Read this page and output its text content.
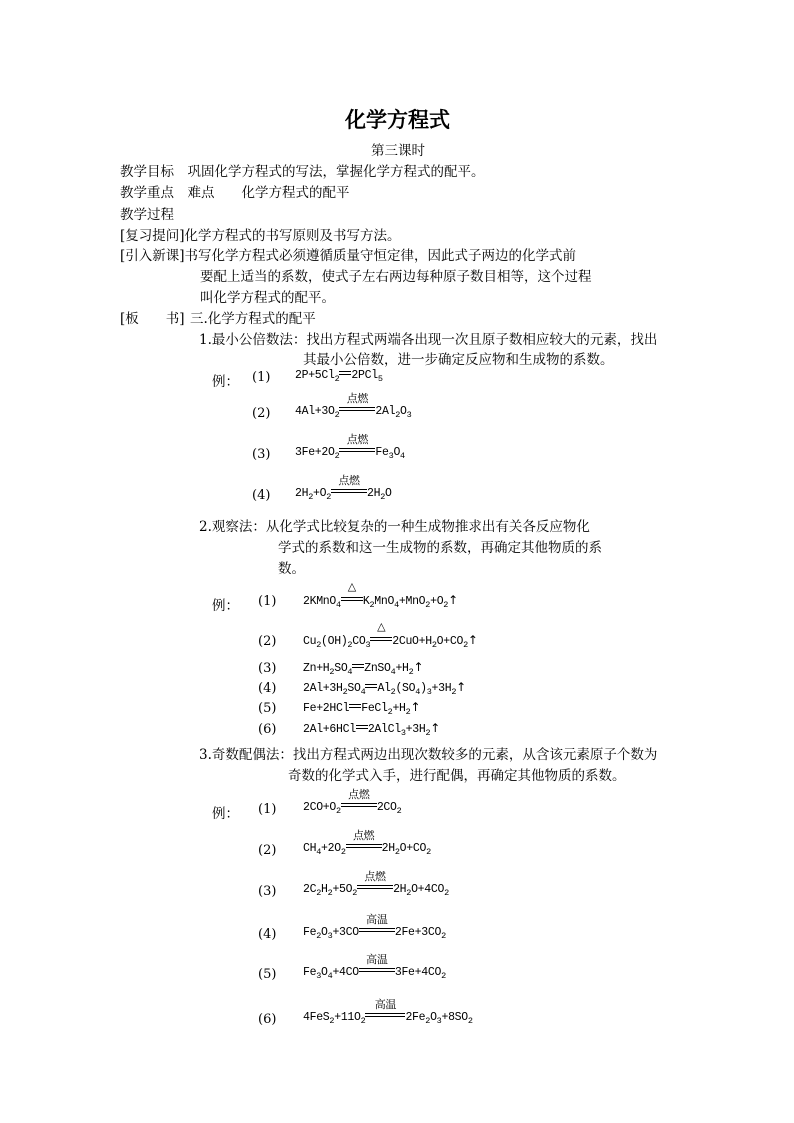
化学方程式
第三课时
教学目标　巩固化学方程式的写法，掌握化学方程式的配平。
教学重点　难点　　化学方程式的配平
教学过程
[复习提问]化学方程式的书写原则及书写方法。
[引入新课]书写化学方程式必须遵循质量守恒定律，因此式子两边的化学式前
要配上适当的系数，使式子左右两边每种原子数目相等，这个过程
叫化学方程式的配平。
[板　　书] 三.化学方程式的配平
1.最小公倍数法：找出方程式两端各出现一次且原子数相应较大的元素，找出
其最小公倍数，进一步确定反应物和生成物的系数。
例： (1) $2P+5Cl_2$ 2PCl$_5$
(2) $4Al+3O_2$
点燃
$2Al_2O_3$
(3) $3Fe+2O_2$
点燃
$Fe_3O_4$
(4) $2H_2+O_2$
点燃
$2H_2O$
2.观察法：从化学式比较复杂的一种生成物推求出有关各反应物化
学式的系数和这一生成物的系数，再确定其他物质的系
数。
例： (1) 2KMnO$_4$
△
$K_2MnO_4+MnO_2+O_2↑$
(2) $Cu_2(OH)_2CO_3$
△
$2CuO+H_2O+CO_2↑$
(3) $Zn+H_2SO_4$ $ZnSO_4+H_2↑$
(4) $2Al+3H_2SO_4$ $Al_2(SO_4)_3+3H_2↑$
(5) Fe+2HCl $FeCl_2+H_2↑$
(6) 2Al+6HCl $2AlCl_3+3H_2↑$
3.奇数配偶法：找出方程式两边出现次数较多的元素，从含该元素原子个数为
奇数的化学式入手，进行配偶，再确定其他物质的系数。
例： (1) $2CO+O_2$
点燃
$2CO_2$
(2) $CH_4+2O_2$
点燃
$2H_2O+CO_2$
(3) $2C_2H_2+5O_2$
点燃
$2H_2O+4CO_2$
(4) $Fe_2O_3+3CO$
高温
$2Fe+3CO_2$
(5) $Fe_3O_4+4CO$
高温
$3Fe+4CO_2$
(6) $4FeS_2+11O_2$
高温
$2Fe_2O_3+8SO_2$
